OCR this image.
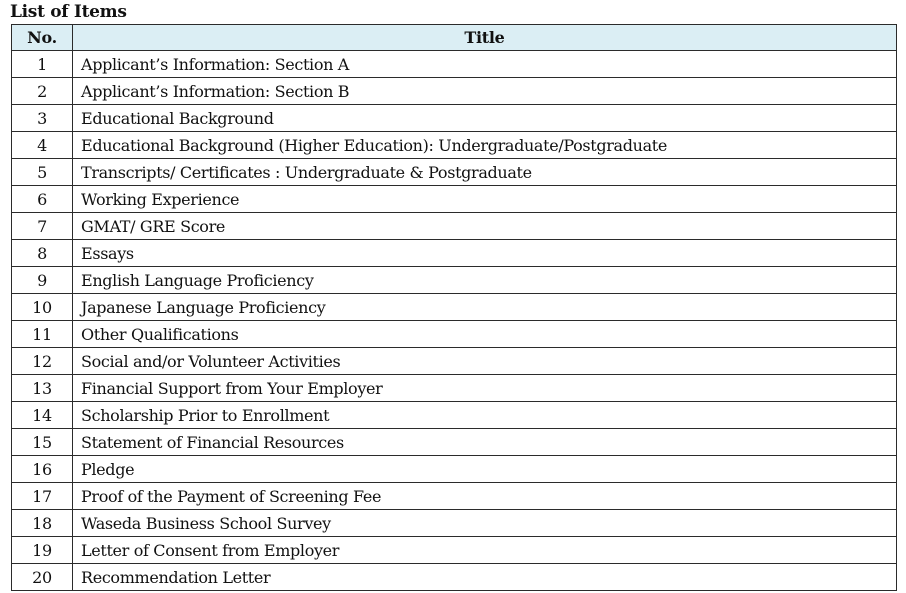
List of Items
No.	Title
1	Applicant’s Information: Section A
2	Applicant’s Information: Section B
3	Educational Background
4	Educational Background (Higher Education): Undergraduate/Postgraduate
5	Transcripts/ Certificates : Undergraduate & Postgraduate
6	Working Experience
7	GMAT/ GRE Score
8	Essays
9	English Language Proficiency
10	Japanese Language Proficiency
11	Other Qualifications
12	Social and/or Volunteer Activities
13	Financial Support from Your Employer
14	Scholarship Prior to Enrollment
15	Statement of Financial Resources
16	Pledge
17	Proof of the Payment of Screening Fee
18	Waseda Business School Survey
19	Letter of Consent from Employer
20	Recommendation Letter
